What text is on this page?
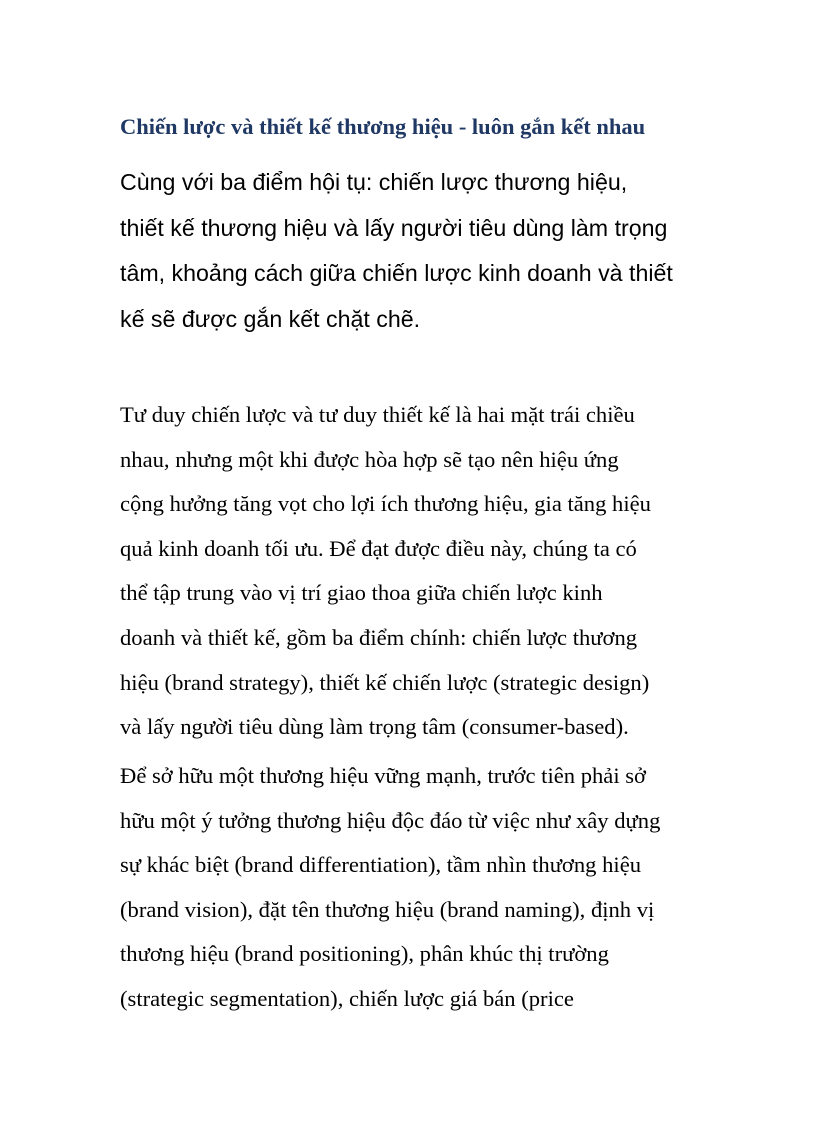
Chiến lược và thiết kế thương hiệu - luôn gắn kết nhau

Cùng với ba điểm hội tụ: chiến lược thương hiệu,
thiết kế thương hiệu và lấy người tiêu dùng làm trọng
tâm, khoảng cách giữa chiến lược kinh doanh và thiết
kế sẽ được gắn kết chặt chẽ.

Tư duy chiến lược và tư duy thiết kế là hai mặt trái chiều
nhau, nhưng một khi được hòa hợp sẽ tạo nên hiệu ứng
cộng hưởng tăng vọt cho lợi ích thương hiệu, gia tăng hiệu
quả kinh doanh tối ưu. Để đạt được điều này, chúng ta có
thể tập trung vào vị trí giao thoa giữa chiến lược kinh
doanh và thiết kế, gồm ba điểm chính: chiến lược thương
hiệu (brand strategy), thiết kế chiến lược (strategic design)
và lấy người tiêu dùng làm trọng tâm (consumer-based).

Để sở hữu một thương hiệu vững mạnh, trước tiên phải sở
hữu một ý tưởng thương hiệu độc đáo từ việc như xây dựng
sự khác biệt (brand differentiation), tầm nhìn thương hiệu
(brand vision), đặt tên thương hiệu (brand naming), định vị
thương hiệu (brand positioning), phân khúc thị trường
(strategic segmentation), chiến lược giá bán (price
